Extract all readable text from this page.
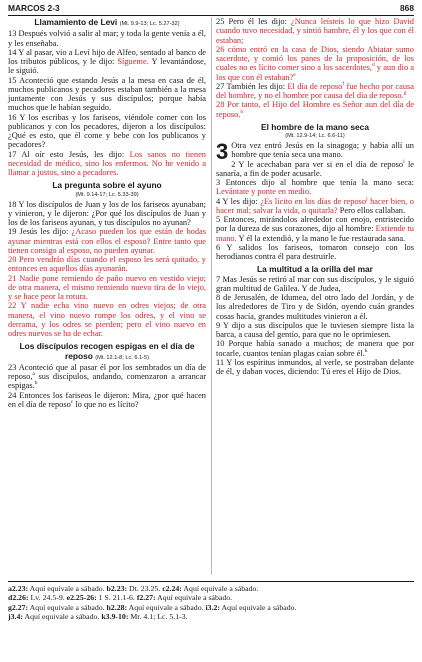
MARCOS 2-3	868
Llamamiento de Levi (Mt. 9.9-13; Lc. 5.27-32)

13 Después volvió a salir al mar; y toda la gente venía a él, y les enseñaba.

14 Y al pasar, vio a Leví hijo de Alfeo, sentado al banco de los tributos públicos, y le dijo: Sígueme. Y levantándose, le siguió.

15 Aconteció que estando Jesús a la mesa en casa de él, muchos publicanos y pecadores estaban también a la mesa juntamente con Jesús y sus discípulos; porque había muchos que le habían seguido.

16 Y los escribas y los fariseos, viéndole comer con los publicanos y con los pecadores, dijeron a los discípulos: ¿Qué es esto, que él come y bebe con los publicanos y pecadores?

17 Al oír esto Jesús, les dijo: Los sanos no tienen necesidad de médico, sino los enfermos. No he venido a llamar a justos, sino a pecadores.

La pregunta sobre el ayuno
(Mt. 9.14-17; Lc. 5.33-39)

18 Y los discípulos de Juan y los de los fariseos ayunaban; y vinieron, y le dijeron: ¿Por qué los discípulos de Juan y los de los fariseos ayunan, y tus discípulos no ayunan?

19 Jesús les dijo: ¿Acaso pueden los que están de bodas ayunar mientras está con ellos el esposo? Entre tanto que tienen consigo al esposo, no pueden ayunar.

20 Pero vendrán días cuando el esposo les será quitado, y entonces en aquellos días ayunarán.

21 Nadie pone remiendo de paño nuevo en vestido viejo; de otra manera, el mismo remiendo nuevo tira de lo viejo, y se hace peor la rotura.

22 Y nadie echa vino nuevo en odres viejos; de otra manera, el vino nuevo rompe los odres, y el vino se derrama, y los odres se pierden; pero el vino nuevo en odres nuevos se ha de echar.

Los discípulos recogen espigas en el día de reposo (Mt. 12.1-8; Lc. 6.1-5)

23 Aconteció que al pasar él por los sembrados un día de reposo,$^a$ sus discípulos, andando, comenzaron a arrancar espigas.$^b$

24 Entonces los fariseos le dijeron: Mira, ¿por qué hacen en el día de reposo$^c$ lo que no es lícito?

25 Pero él les dijo: ¿Nunca leísteis lo que hizo David cuando tuvo necesidad, y sintió hambre, él y los que con él estaban;

26 cómo entró en la casa de Dios, siendo Abiatar sumo sacerdote, y comió los panes de la proposición, de los cuales no es lícito comer sino a los sacerdotes,$^d$ y aun dio a los que con él estaban?$^e$

27 También les dijo: El día de reposo$^f$ fue hecho por causa del hombre, y no el hombre por causa del día de reposo.$^g$

28 Por tanto, el Hijo del Hombre es Señor aun del día de reposo.$^h$

El hombre de la mano seca
(Mt. 12.9-14; Lc. 6.6-11)

3 Otra vez entró Jesús en la sinagoga; y había allí un hombre que tenía seca una mano.

2 Y le acechaban para ver si en el día de reposo$^i$ le sanaría, a fin de poder acusarle.

3 Entonces dijo al hombre que tenía la mano seca: Levántate y ponte en medio.

4 Y les dijo: ¿Es lícito en los días de reposo$^j$ hacer bien, o hacer mal; salvar la vida, o quitarla? Pero ellos callaban.

5 Entonces, mirándolos alrededor con enojo, entristecido por la dureza de sus corazones, dijo al hombre: Extiende tu mano. Y él la extendió, y la mano le fue restaurada sana.

6 Y salidos los fariseos, tomaron consejo con los herodianos contra él para destruirle.

La multitud a la orilla del mar

7 Mas Jesús se retiró al mar con sus discípulos, y le siguió gran multitud de Galilea. Y de Judea,

8 de Jerusalén, de Idumea, del otro lado del Jordán, y de los alrededores de Tiro y de Sidón, oyendo cuán grandes cosas hacía, grandes multitudes vinieron a él.

9 Y dijo a sus discípulos que le tuviesen siempre lista la barca, a causa del gentío, para que no le oprimiesen.

10 Porque había sanado a muchos; de manera que por tocarle, cuantos tenían plagas caían sobre él.$^k$

11 Y los espíritus inmundos, al verle, se postraban delante de él, y daban voces, diciendo: Tú eres el Hijo de Dios.

a2.23: Aquí equivale a sábado. b2.23: Dt. 23.25. c2.24: Aquí equivale a sábado.
d2.26: Lv. 24.5-9. e2.25-26: 1 S. 21.1-6. f2.27: Aquí equivale a sábado.
g2.27: Aquí equivale a sábado. h2.28: Aquí equivale a sábado. i3.2: Aquí equivale a sábado.
j3.4: Aquí equivale a sábado. k3.9-10: Mr. 4.1; Lc. 5.1-3.
